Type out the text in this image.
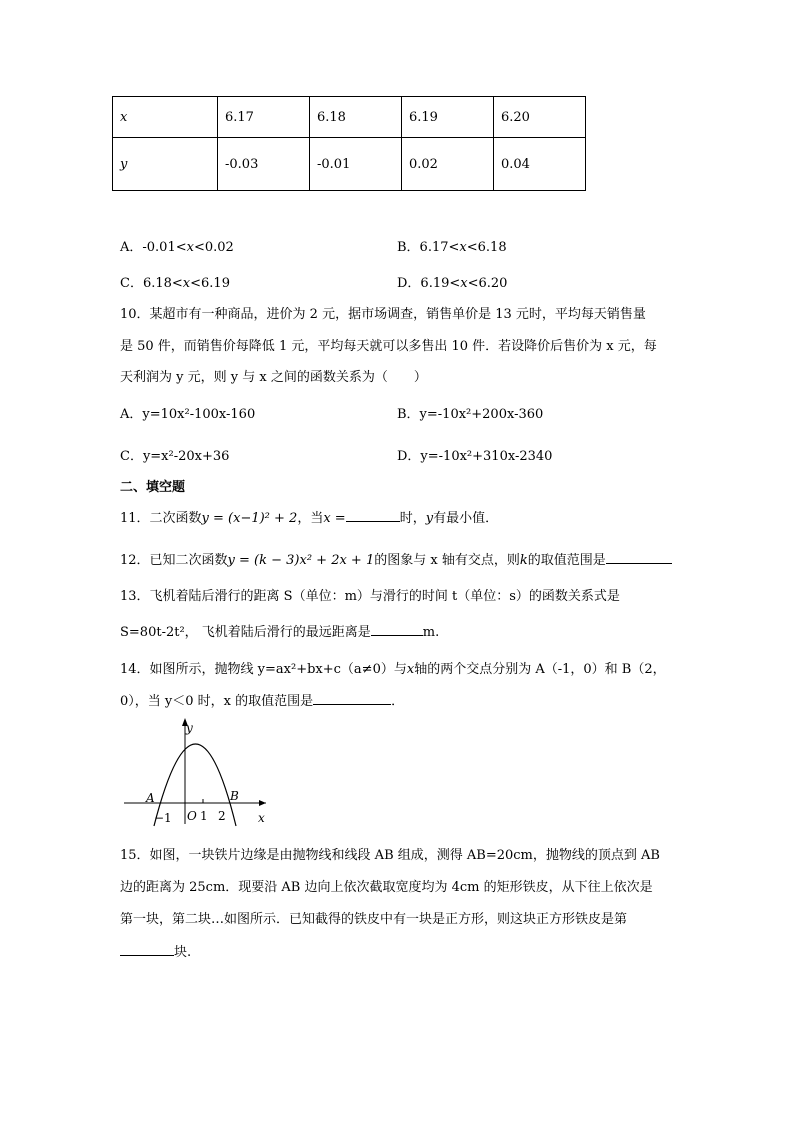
x	6.17	6.18	6.19	6.20
y	-0.03	-0.01	0.02	0.04
A．-0.01<x<0.02	B．6.17<x<6.18
C．6.18<x<6.19	D．6.19<x<6.20
10．某超市有一种商品，进价为 2 元，据市场调查，销售单价是 13 元时，平均每天销售量
是 50 件，而销售价每降低 1 元，平均每天就可以多售出 10 件．若设降价后售价为 x 元，每
天利润为 y 元，则 y 与 x 之间的函数关系为（　　）
A．y=10x²-100x-160	B．y=-10x²+200x-360
C．y=x²-20x+36	D．y=-10x²+310x-2340
二、填空题
11．二次函数y = (x−1)² + 2，当x =	时，y有最小值．
12．已知二次函数y = (k − 3)x² + 2x + 1的图象与 x 轴有交点，则k的取值范围是
13．飞机着陆后滑行的距离 S（单位：m）与滑行的时间 t（单位：s）的函数关系式是
S=80t-2t²， 飞机着陆后滑行的最远距离是	m.
14．如图所示，抛物线 y=ax²+bx+c（a≠0）与x轴的两个交点分别为 A（-1，0）和 B（2，
0），当 y＜0 时，x 的取值范围是	．
y
x
A	B
O
−1 1 2
15．如图，一块铁片边缘是由抛物线和线段 AB 组成，测得 AB=20cm，抛物线的顶点到 AB
边的距离为 25cm．现要沿 AB 边向上依次截取宽度均为 4cm 的矩形铁皮，从下往上依次是
第一块，第二块…如图所示．已知截得的铁皮中有一块是正方形，则这块正方形铁皮是第
块.
